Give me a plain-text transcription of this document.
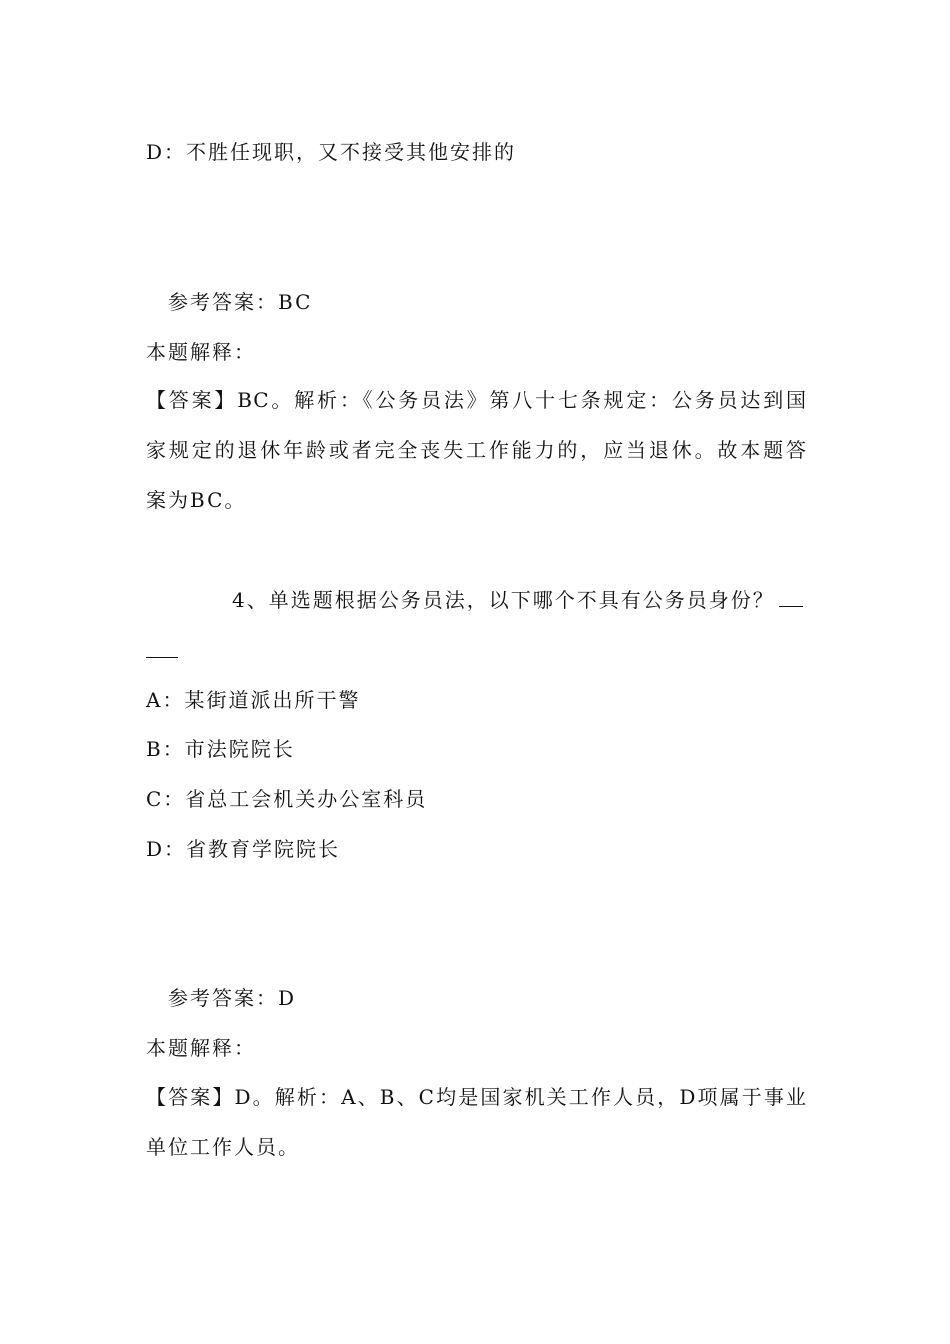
D：不胜任现职，又不接受其他安排的
参考答案：BC
本题解释：
【答案】BC。解析：《公务员法》第八十七条规定：公务员达到国
家规定的退休年龄或者完全丧失工作能力的，应当退休。故本题答
案为BC。
4、单选题根据公务员法，以下哪个不具有公务员身份？
A：某街道派出所干警
B：市法院院长
C：省总工会机关办公室科员
D：省教育学院院长
参考答案：D
本题解释：
【答案】D。解析：A、B、C均是国家机关工作人员，D项属于事业
单位工作人员。
